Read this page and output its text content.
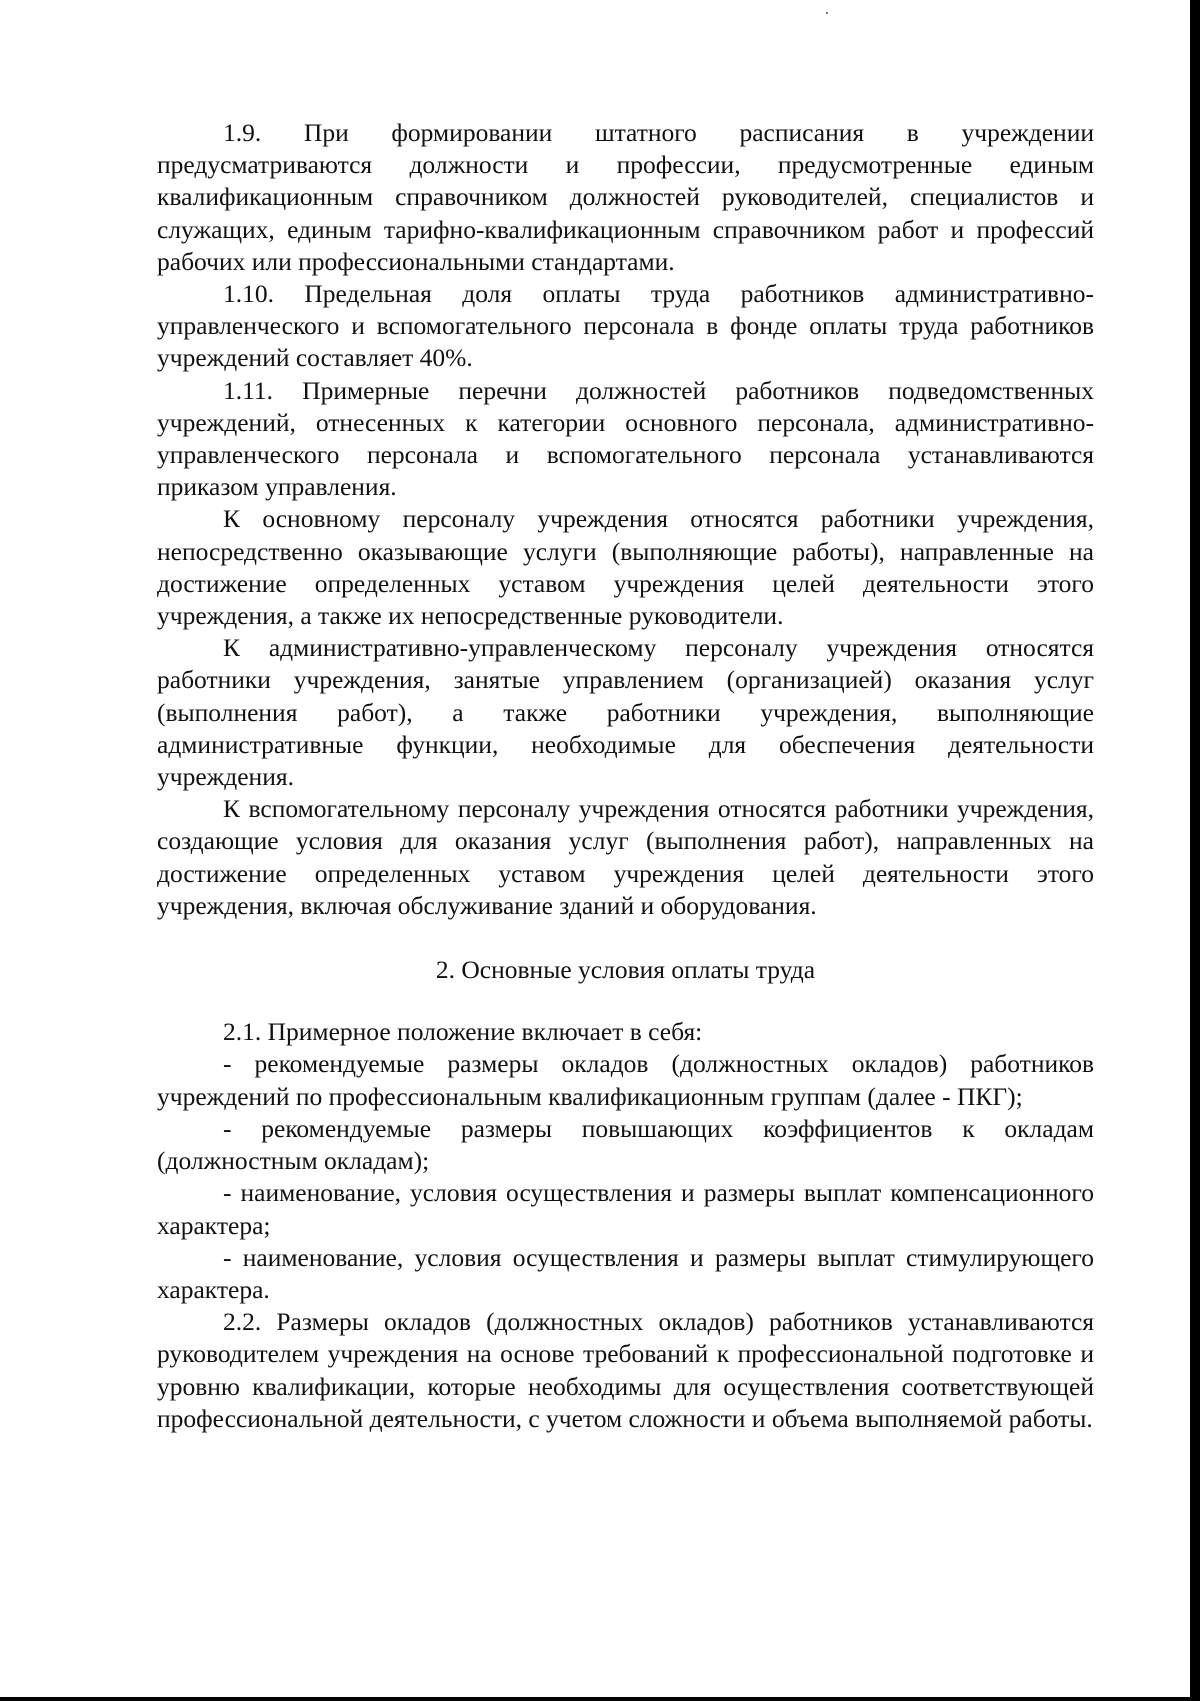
1.9. При формировании штатного расписания в учреждении предусматриваются должности и профессии, предусмотренные единым квалификационным справочником должностей руководителей, специалистов и служащих, единым тарифно-квалификационным справочником работ и профессий рабочих или профессиональными стандартами.

1.10. Предельная доля оплаты труда работников административно-управленческого и вспомогательного персонала в фонде оплаты труда работников учреждений составляет 40%.

1.11. Примерные перечни должностей работников подведомственных учреждений, отнесенных к категории основного персонала, административно-управленческого персонала и вспомогательного персонала устанавливаются приказом управления.

К основному персоналу учреждения относятся работники учреждения, непосредственно оказывающие услуги (выполняющие работы), направленные на достижение определенных уставом учреждения целей деятельности этого учреждения, а также их непосредственные руководители.

К административно-управленческому персоналу учреждения относятся работники учреждения, занятые управлением (организацией) оказания услуг (выполнения работ), а также работники учреждения, выполняющие административные функции, необходимые для обеспечения деятельности учреждения.

К вспомогательному персоналу учреждения относятся работники учреждения, создающие условия для оказания услуг (выполнения работ), направленных на достижение определенных уставом учреждения целей деятельности этого учреждения, включая обслуживание зданий и оборудования.

2. Основные условия оплаты труда

2.1. Примерное положение включает в себя:

- рекомендуемые размеры окладов (должностных окладов) работников учреждений по профессиональным квалификационным группам (далее - ПКГ);

- рекомендуемые размеры повышающих коэффициентов к окладам (должностным окладам);

- наименование, условия осуществления и размеры выплат компенсационного характера;

- наименование, условия осуществления и размеры выплат стимулирующего характера.

2.2. Размеры окладов (должностных окладов) работников устанавливаются руководителем учреждения на основе требований к профессиональной подготовке и уровню квалификации, которые необходимы для осуществления соответствующей профессиональной деятельности, с учетом сложности и объема выполняемой работы.
